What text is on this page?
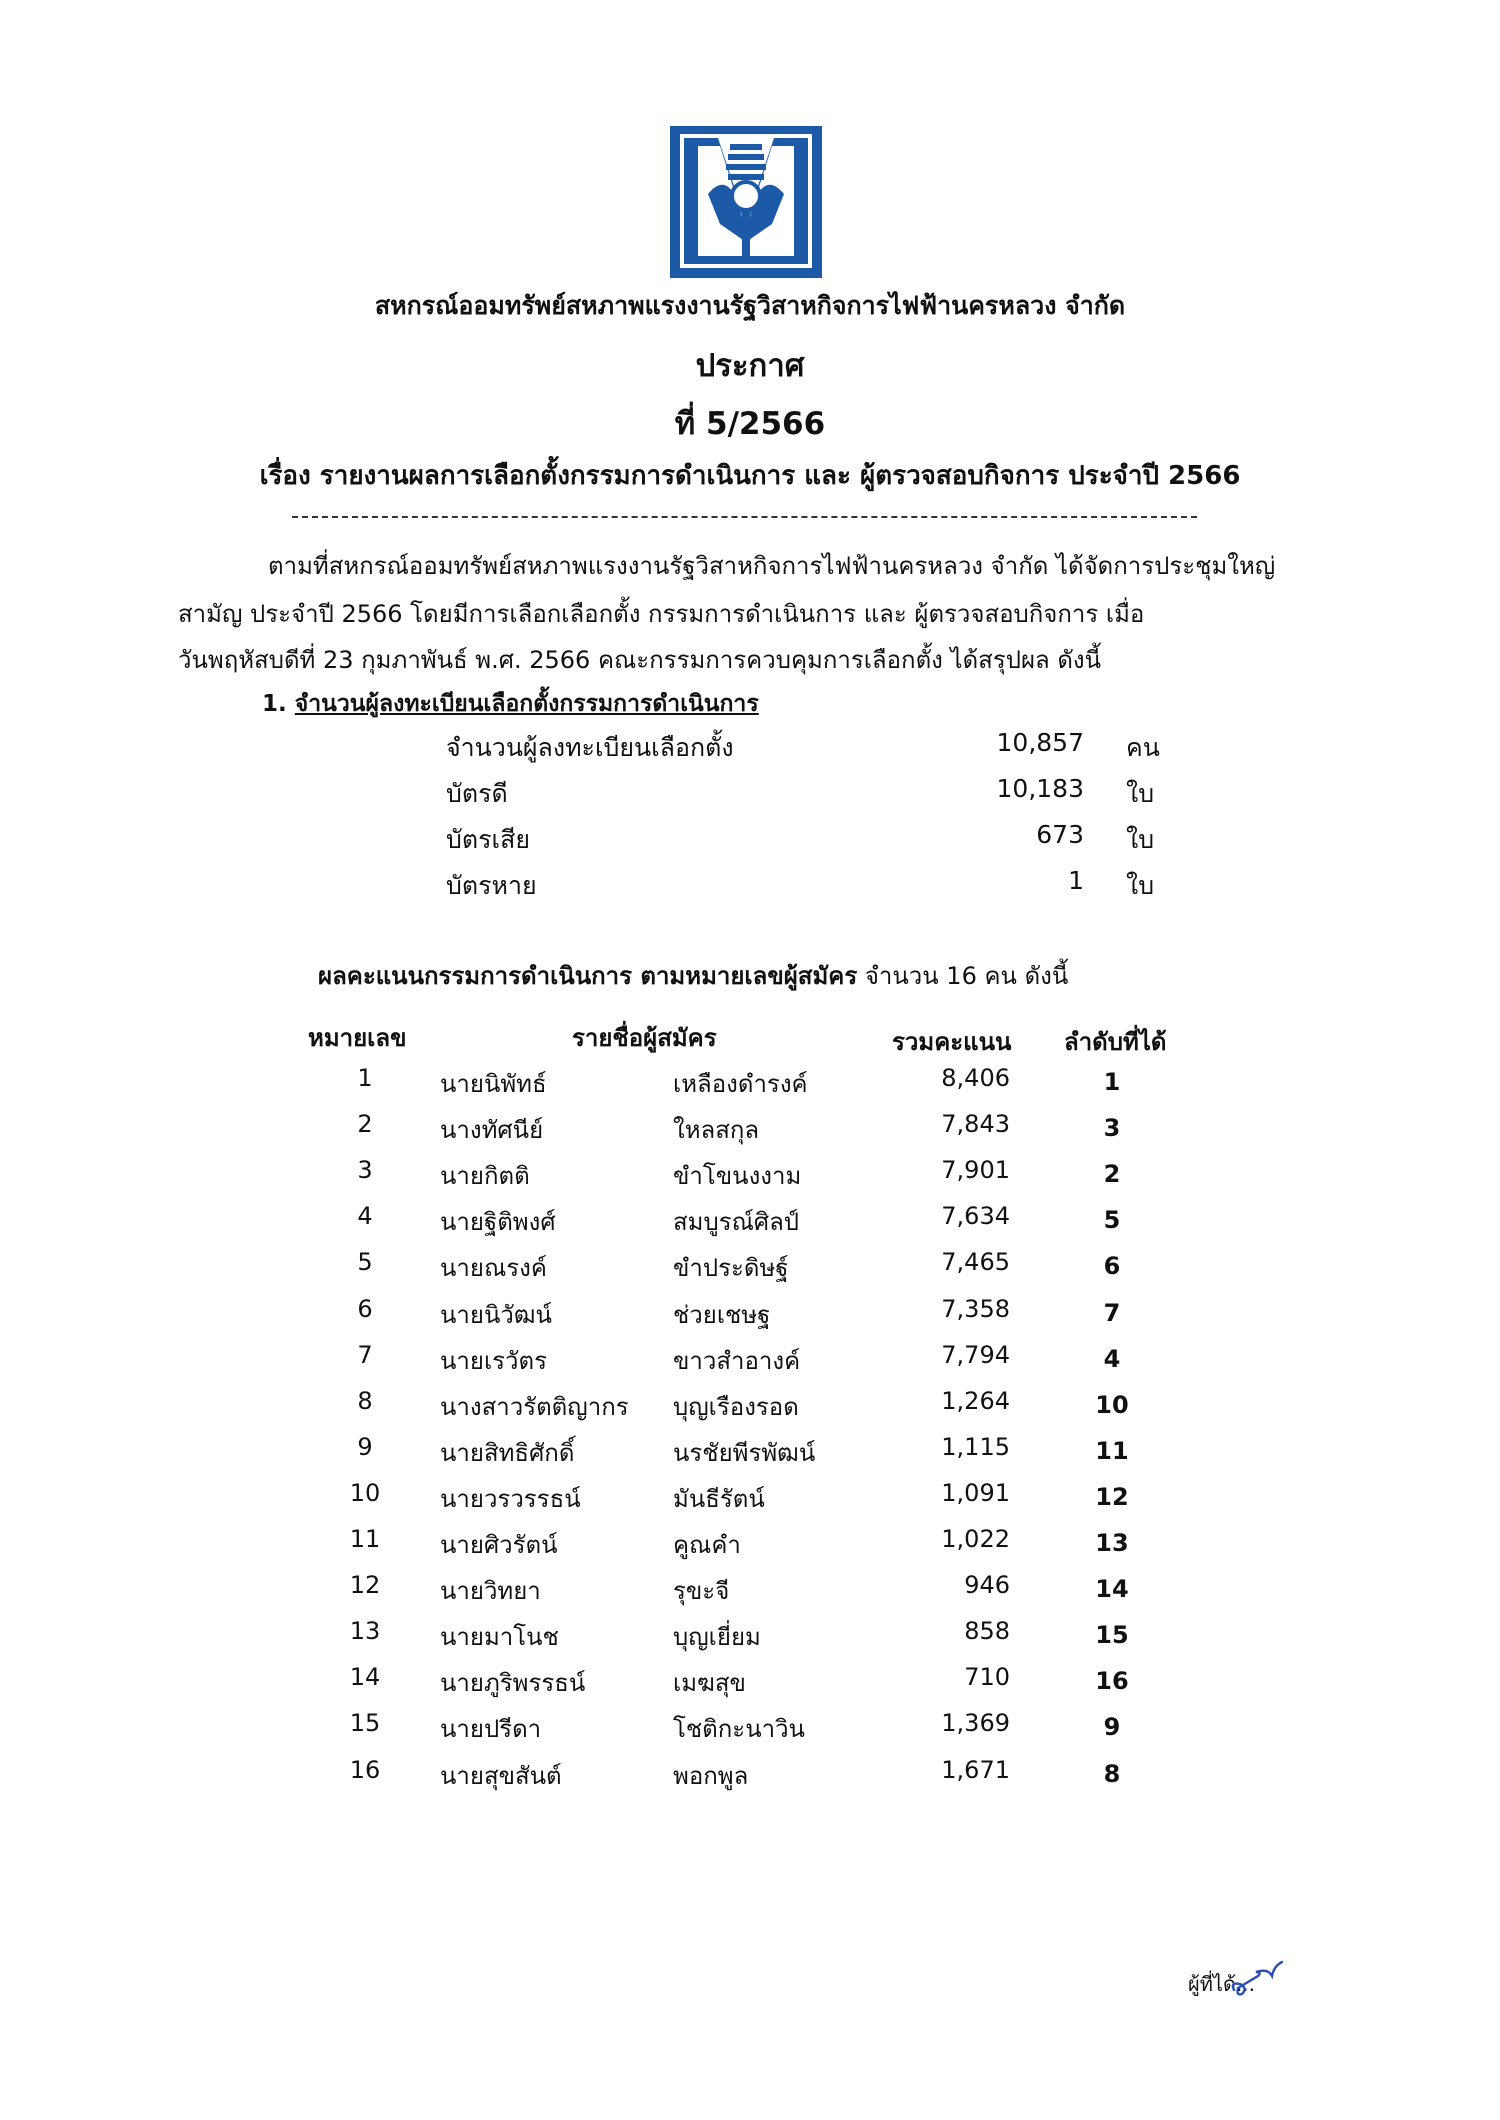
สหกรณ์ออมทรัพย์สหภาพแรงงานรัฐวิสาหกิจการไฟฟ้านครหลวง จำกัด
ประกาศ
ที่ 5/2566
เรื่อง รายงานผลการเลือกตั้งกรรมการดำเนินการ และ ผู้ตรวจสอบกิจการ ประจำปี 2566
ตามที่สหกรณ์ออมทรัพย์สหภาพแรงงานรัฐวิสาหกิจการไฟฟ้านครหลวง จำกัด ได้จัดการประชุมใหญ่
สามัญ ประจำปี 2566 โดยมีการเลือกเลือกตั้ง กรรมการดำเนินการ และ ผู้ตรวจสอบกิจการ เมื่อ
วันพฤหัสบดีที่ 23 กุมภาพันธ์ พ.ศ. 2566 คณะกรรมการควบคุมการเลือกตั้ง ได้สรุปผล ดังนี้
1. จำนวนผู้ลงทะเบียนเลือกตั้งกรรมการดำเนินการ
จำนวนผู้ลงทะเบียนเลือกตั้ง	10,857 คน
บัตรดี	10,183 ใบ
บัตรเสีย	673 ใบ
บัตรหาย	1 ใบ
ผลคะแนนกรรมการดำเนินการ ตามหมายเลขผู้สมัคร จำนวน 16 คน ดังนี้
หมายเลข	รายชื่อผู้สมัคร	รวมคะแนน ลำดับที่ได้
1	นายนิพัทธ์	เหลืองดำรงค์	8,406	1
2	นางทัศนีย์	ใหลสกุล	7,843	3
3	นายกิตติ	ขำโขนงงาม	7,901	2
4	นายฐิติพงศ์	สมบูรณ์ศิลป์	7,634	5
5	นายณรงค์	ขำประดิษฐ์	7,465	6
6	นายนิวัฒน์	ช่วยเชษฐ	7,358	7
7	นายเรวัตร	ขาวสำอางค์	7,794	4
8	นางสาวรัตติญากร บุญเรืองรอด	1,264	10
9	นายสิทธิศักดิ์	นรชัยพีรพัฒน์	1,115	11
10	นายวรวรรธน์	มันธีรัตน์	1,091	12
11	นายศิวรัตน์	คูณคำ	1,022	13
12	นายวิทยา	รุขะจี	946	14
13	นายมาโนช	บุญเยี่ยม	858	15
14	นายภูริพรรธน์	เมฆสุข	710	16
15	นายปรีดา	โชติกะนาวิน	1,369	9
16	นายสุขสันต์	พอกพูล	1,671	8
ผู้ที่ได้...
